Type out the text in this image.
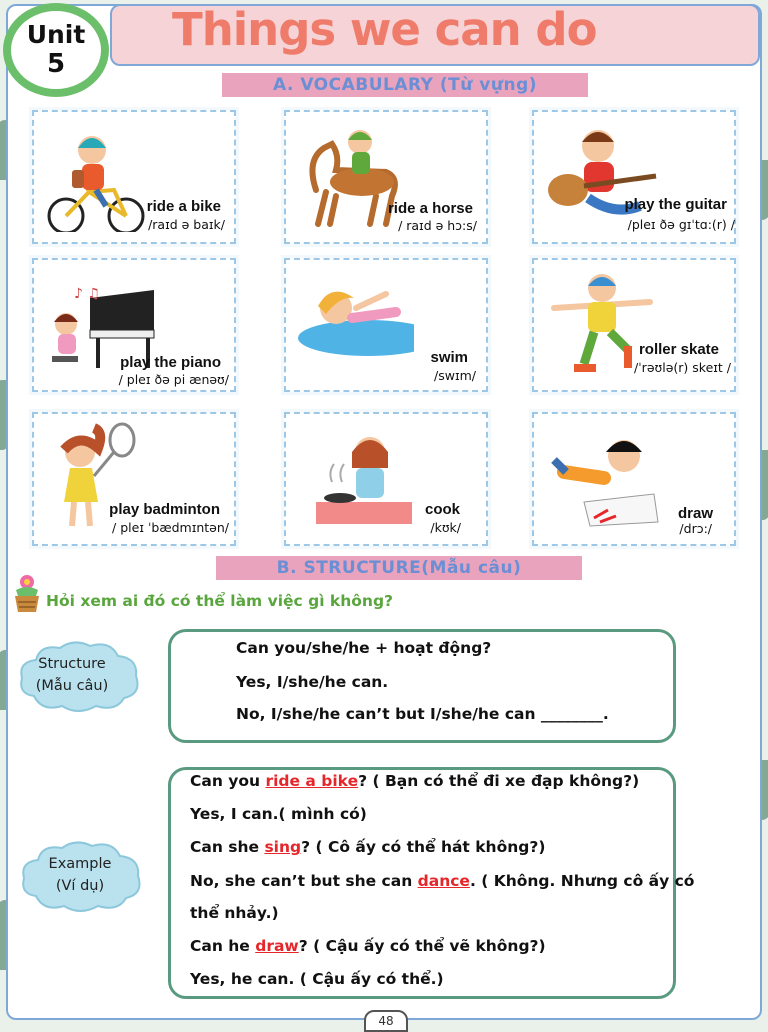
Things we can do
Unit
5
A. VOCABULARY (Từ vựng)
♪ ♫
ride a bike
/raɪd ə baɪk/
ride a horse
/ raɪd ə hɔ:s/
play the guitar
/pleɪ ðə gɪˈtɑ:(r) /
play the piano
/ pleɪ ðə pi ænəʊ/
swim
/swɪm/
roller skate
/ˈrəʊlə(r) skeɪt /
play badminton
/ pleɪ ˈbædmɪntən/
cook
/kʊk/
draw
/drɔ:/
B. STRUCTURE(Mẫu câu)
Hỏi xem ai đó có thể làm việc gì không?
Structure
(Mẫu câu)
Can you/she/he + hoạt động?
Yes, I/she/he can.
No, I/she/he can’t but I/she/he can ________.
Example
(Ví dụ)
Can you ride a bike? ( Bạn có thể đi xe đạp không?)
Yes, I can.( mình có)
Can she sing? ( Cô ấy có thể hát không?)
No, she can’t but she can dance. ( Không. Nhưng cô ấy có
thể nhảy.)
Can he draw? ( Cậu ấy có thể vẽ không?)
Yes, he can. ( Cậu ấy có thể.)
48
